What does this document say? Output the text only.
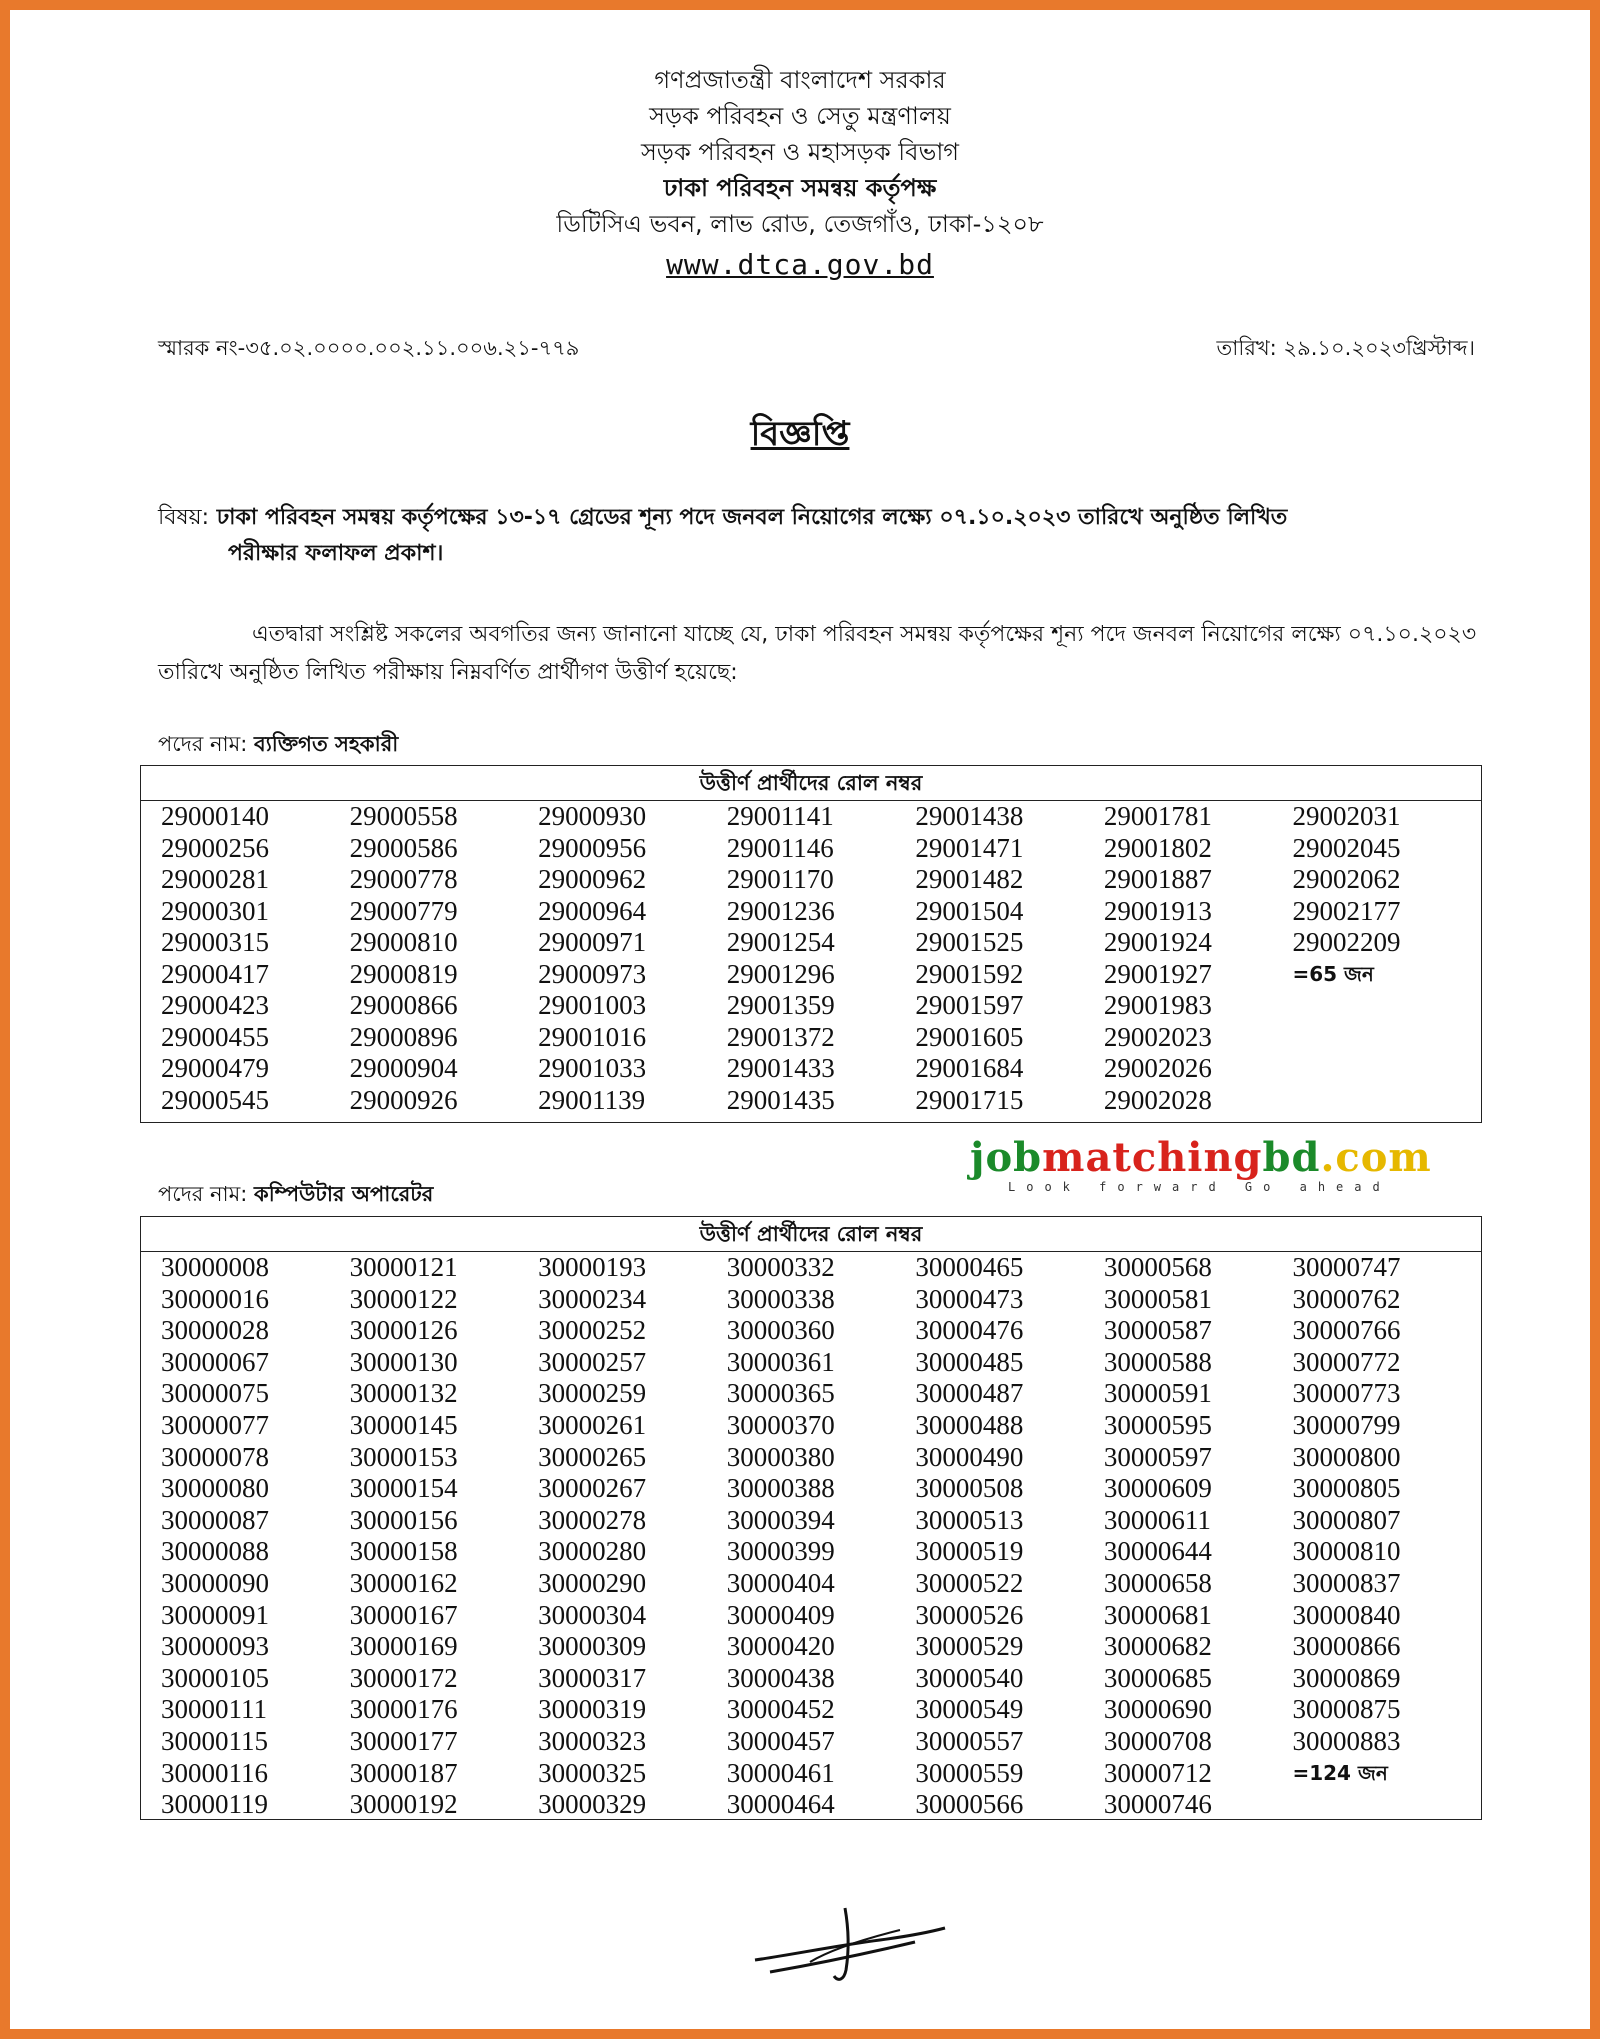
গণপ্রজাতন্ত্রী বাংলাদেশ সরকার
সড়ক পরিবহন ও সেতু মন্ত্রণালয়
সড়ক পরিবহন ও মহাসড়ক বিভাগ
ঢাকা পরিবহন সমন্বয় কর্তৃপক্ষ
ডিটিসিএ ভবন, লাভ রোড, তেজগাঁও, ঢাকা-১২০৮
www.dtca.gov.bd
স্মারক নং-৩৫.০২.০০০০.০০২.১১.০০৬.২১-৭৭৯	তারিখ: ২৯.১০.২০২৩খ্রিস্টাব্দ।
বিজ্ঞপ্তি
বিষয়: ঢাকা পরিবহন সমন্বয় কর্তৃপক্ষের ১৩-১৭ গ্রেডের শূন্য পদে জনবল নিয়োগের লক্ষ্যে ০৭.১০.২০২৩ তারিখে অনুষ্ঠিত লিখিত
পরীক্ষার ফলাফল প্রকাশ।
এতদ্বারা সংশ্লিষ্ট সকলের অবগতির জন্য জানানো যাচ্ছে যে, ঢাকা পরিবহন সমন্বয় কর্তৃপক্ষের শূন্য পদে জনবল নিয়োগের লক্ষ্যে ০৭.১০.২০২৩ তারিখে অনুষ্ঠিত লিখিত পরীক্ষায় নিম্নবর্ণিত প্রার্থীগণ উত্তীর্ণ হয়েছে:
পদের নাম: ব্যক্তিগত সহকারী
উত্তীর্ণ প্রার্থীদের রোল নম্বর
29000140
29000256
29000281
29000301
29000315
29000417
29000423
29000455
29000479
29000545
29000558
29000586
29000778
29000779
29000810
29000819
29000866
29000896
29000904
29000926
29000930
29000956
29000962
29000964
29000971
29000973
29001003
29001016
29001033
29001139
29001141
29001146
29001170
29001236
29001254
29001296
29001359
29001372
29001433
29001435
29001438
29001471
29001482
29001504
29001525
29001592
29001597
29001605
29001684
29001715
29001781
29001802
29001887
29001913
29001924
29001927
29001983
29002023
29002026
29002028
29002031
29002045
29002062
29002177
29002209
=65 জন
পদের নাম: কম্পিউটার অপারেটর
উত্তীর্ণ প্রার্থীদের রোল নম্বর
30000008
30000016
30000028
30000067
30000075
30000077
30000078
30000080
30000087
30000088
30000090
30000091
30000093
30000105
30000111
30000115
30000116
30000119
30000121
30000122
30000126
30000130
30000132
30000145
30000153
30000154
30000156
30000158
30000162
30000167
30000169
30000172
30000176
30000177
30000187
30000192
30000193
30000234
30000252
30000257
30000259
30000261
30000265
30000267
30000278
30000280
30000290
30000304
30000309
30000317
30000319
30000323
30000325
30000329
30000332
30000338
30000360
30000361
30000365
30000370
30000380
30000388
30000394
30000399
30000404
30000409
30000420
30000438
30000452
30000457
30000461
30000464
30000465
30000473
30000476
30000485
30000487
30000488
30000490
30000508
30000513
30000519
30000522
30000526
30000529
30000540
30000549
30000557
30000559
30000566
30000568
30000581
30000587
30000588
30000591
30000595
30000597
30000609
30000611
30000644
30000658
30000681
30000682
30000685
30000690
30000708
30000712
30000746
30000747
30000762
30000766
30000772
30000773
30000799
30000800
30000805
30000807
30000810
30000837
30000840
30000866
30000869
30000875
30000883
=124 জন
jobmatchingbd.com
Look forward Go ahead
